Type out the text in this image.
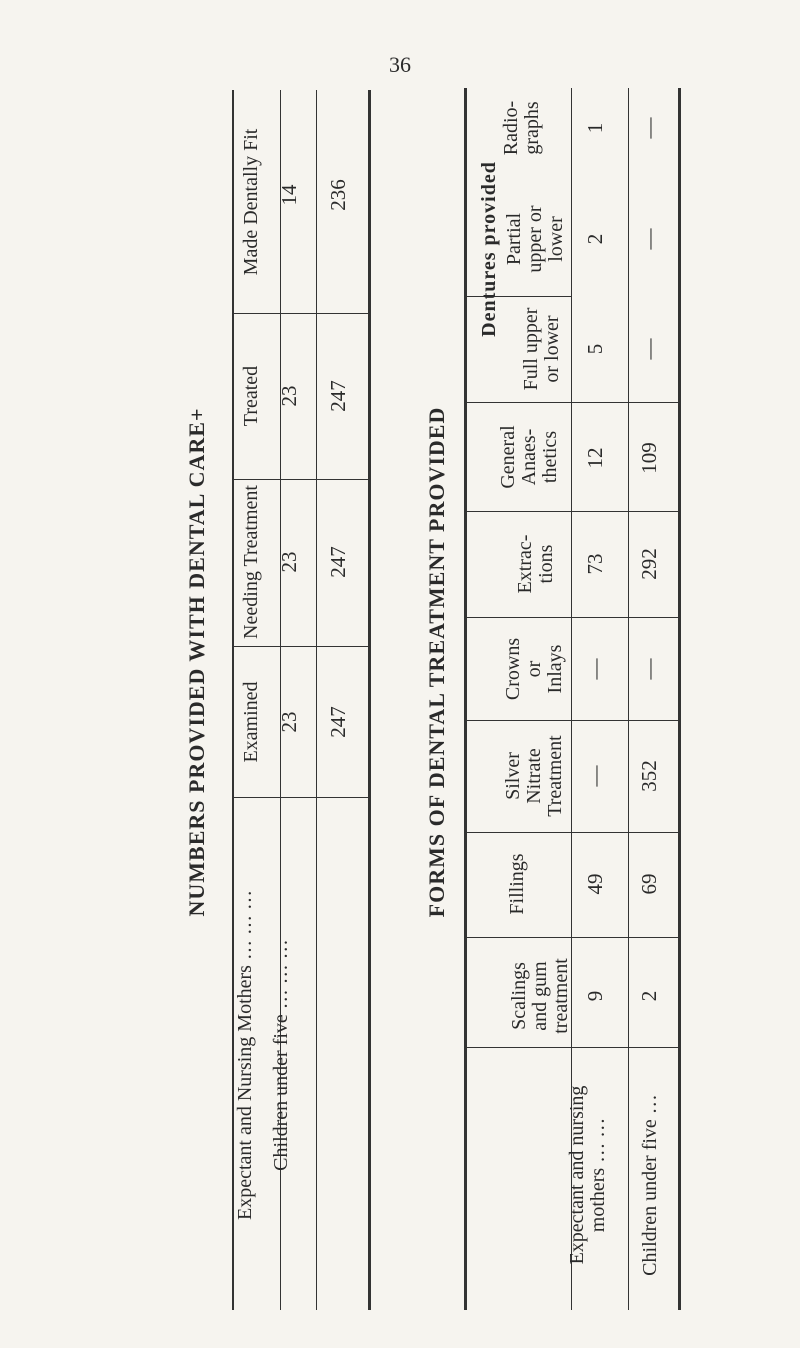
36
NUMBERS PROVIDED WITH DENTAL CARE+	Examined
Needing Treatment
Treated
Made Dentally Fit
Expectant and Nursing Mothers … … … Children under five … … …
23
23
23
14
247
247
247
236
FORMS OF DENTAL TREATMENT PROVIDED
Dentures provided
Scalings and gum treatment
Fillings
Silver Nitrate Treatment
Crowns or Inlays
Extrac- tions
General Anaes- thetics
Full upper or lower
Partial upper or lower
Radio- graphs
Expectant and nursing mothers … … Children under five …
9
49
—
—
73
12
5
2
1
2
69
352
—
292
109
—
—
—
